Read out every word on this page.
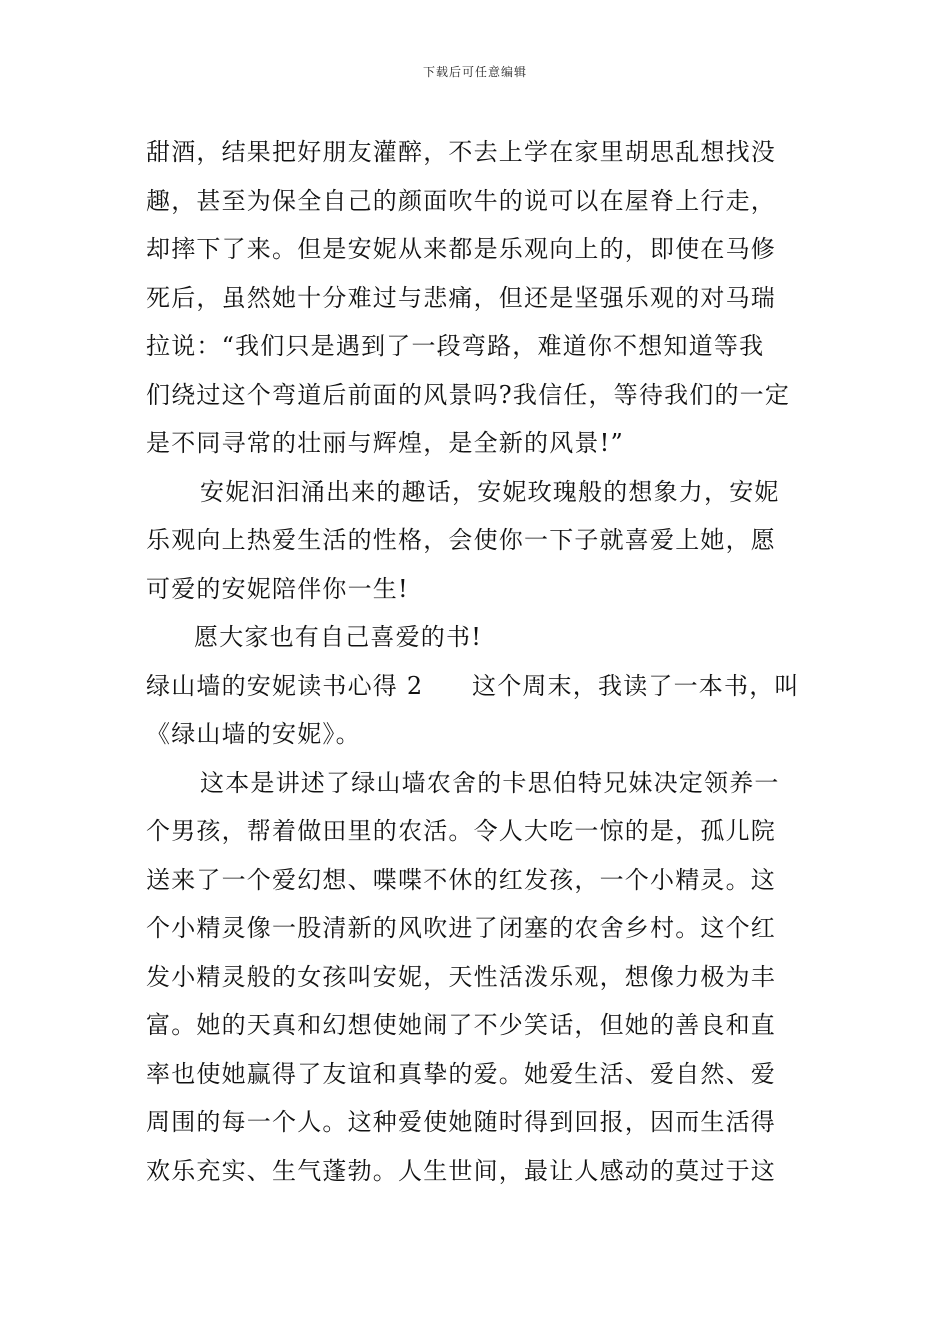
下载后可任意编辑
甜酒，结果把好朋友灌醉，不去上学在家里胡思乱想找没
趣，甚至为保全自己的颜面吹牛的说可以在屋脊上行走，
却摔下了来。但是安妮从来都是乐观向上的，即使在马修
死后，虽然她十分难过与悲痛，但还是坚强乐观的对马瑞
拉说：“我们只是遇到了一段弯路，难道你不想知道等我
们绕过这个弯道后前面的风景吗?我信任，等待我们的一定
是不同寻常的壮丽与辉煌，是全新的风景!”
安妮汩汩涌出来的趣话，安妮玫瑰般的想象力，安妮
乐观向上热爱生活的性格，会使你一下子就喜爱上她，愿
可爱的安妮陪伴你一生!
愿大家也有自己喜爱的书!
绿山墙的安妮读书心得 2 这个周末，我读了一本书，叫
《绿山墙的安妮》。
这本是讲述了绿山墙农舍的卡思伯特兄妹决定领养一
个男孩，帮着做田里的农活。令人大吃一惊的是，孤儿院
送来了一个爱幻想、喋喋不休的红发孩，一个小精灵。这
个小精灵像一股清新的风吹进了闭塞的农舍乡村。这个红
发小精灵般的女孩叫安妮，天性活泼乐观，想像力极为丰
富。她的天真和幻想使她闹了不少笑话，但她的善良和直
率也使她赢得了友谊和真挚的爱。她爱生活、爱自然、爱
周围的每一个人。这种爱使她随时得到回报，因而生活得
欢乐充实、生气蓬勃。人生世间，最让人感动的莫过于这
